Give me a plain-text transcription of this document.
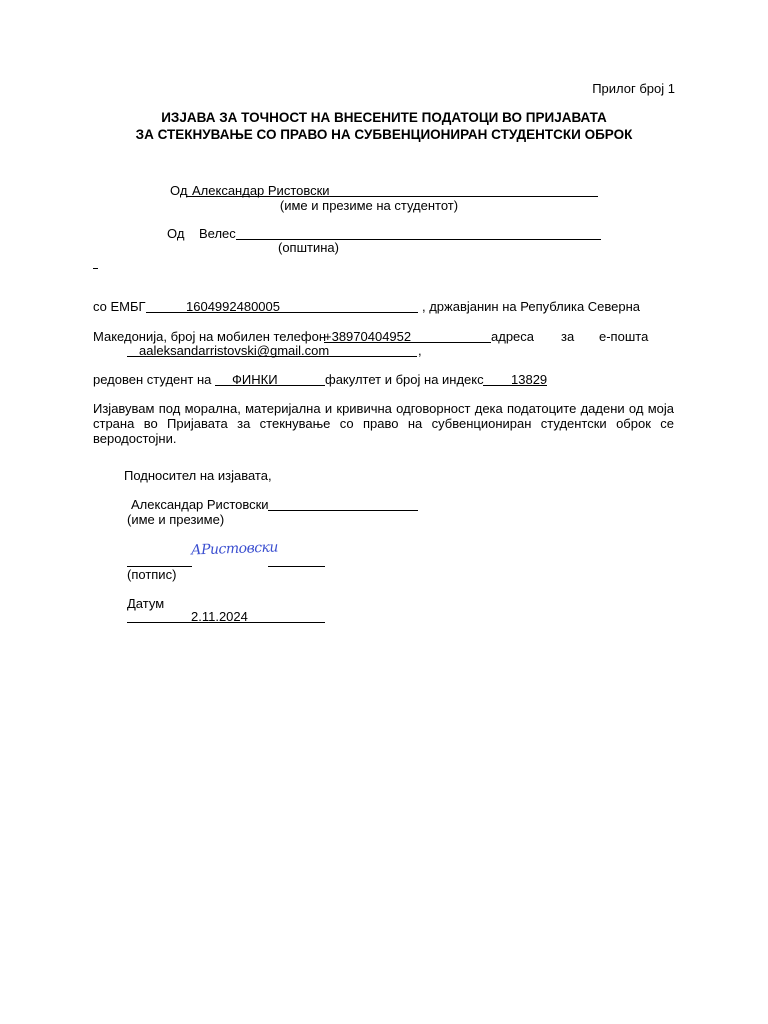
Прилог број 1
ИЗЈАВА ЗА ТОЧНОСТ НА ВНЕСЕНИТЕ ПОДАТОЦИ ВО ПРИЈАВАТА
ЗА СТЕКНУВАЊЕ СО ПРАВО НА СУБВЕНЦИОНИРАН СТУДЕНТСКИ ОБРОК
Од Александар Ристовски
(име и презиме на студентот)
Од Велес
(општина)
со ЕМБГ	1604992480005	, државјанин на Република Северна
Македонија, број на мобилен телефон
+38970404952	адреса за е-пошта
aaleksandarristovski@gmail.com	,
редовен студент на ФИНКИ	факултет и број на индекс 13829
Изјавувам под морална, материјална и кривична одговорност дека податоците дадени од моја страна во Пријавата за стекнување со право на субвенциониран студентски оброк се веродостојни.
Подносител на изјавата,
Александар Ристовски
(име и презиме)
АРистовски
(потпис)
Датум
2.11.2024
